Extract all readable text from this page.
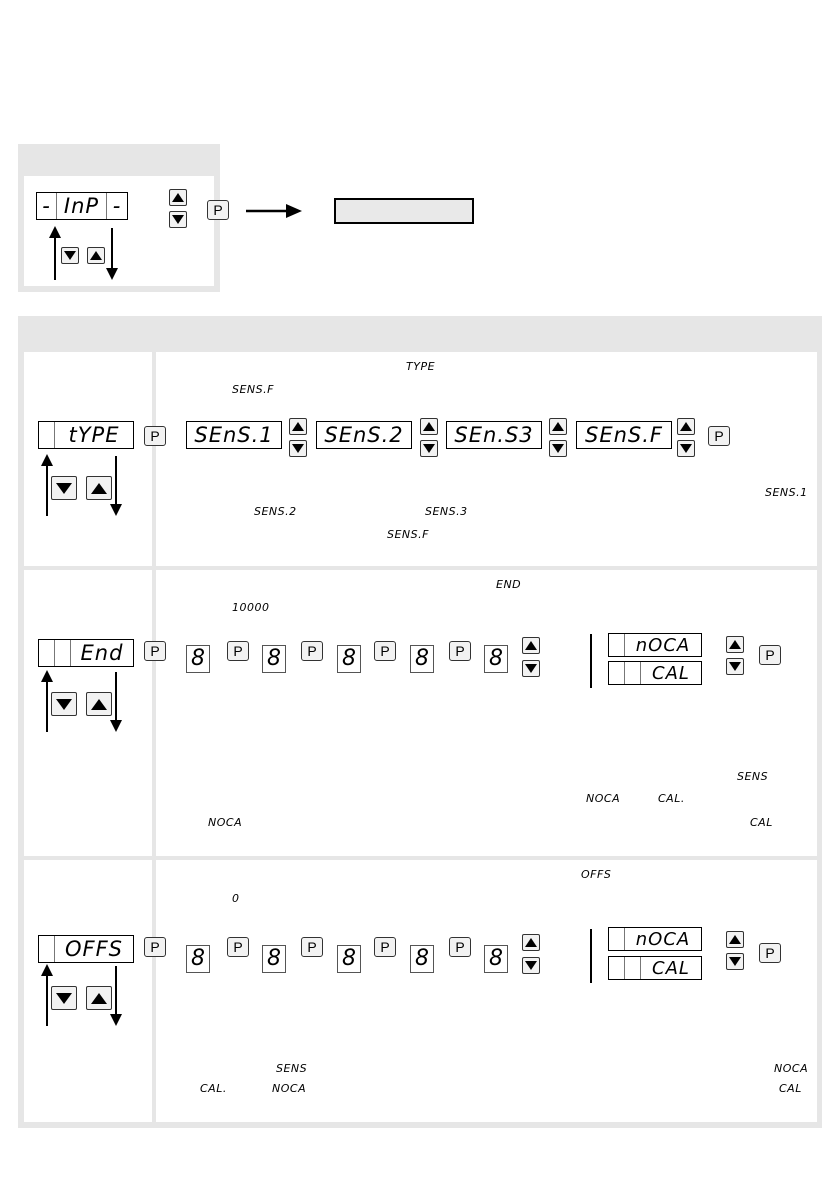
- InP -	P
tYPE	P
TYPE
SENS.F
SEnS.1	SEnS.2	SEn.S3	SEnS.F	P
SENS.1
SENS.2	SENS.3
SENS.F
End	P
END
10000
8	P 8	P 8	P 8	P 8
nOCA
CAL
P
SENS
NOCA	CAL.
NOCA	CAL
OFFS	P
OFFS
0
8	P 8	P 8	P 8	P 8
nOCA
CAL
P
SENS	NOCA
CAL.	NOCA	CAL
